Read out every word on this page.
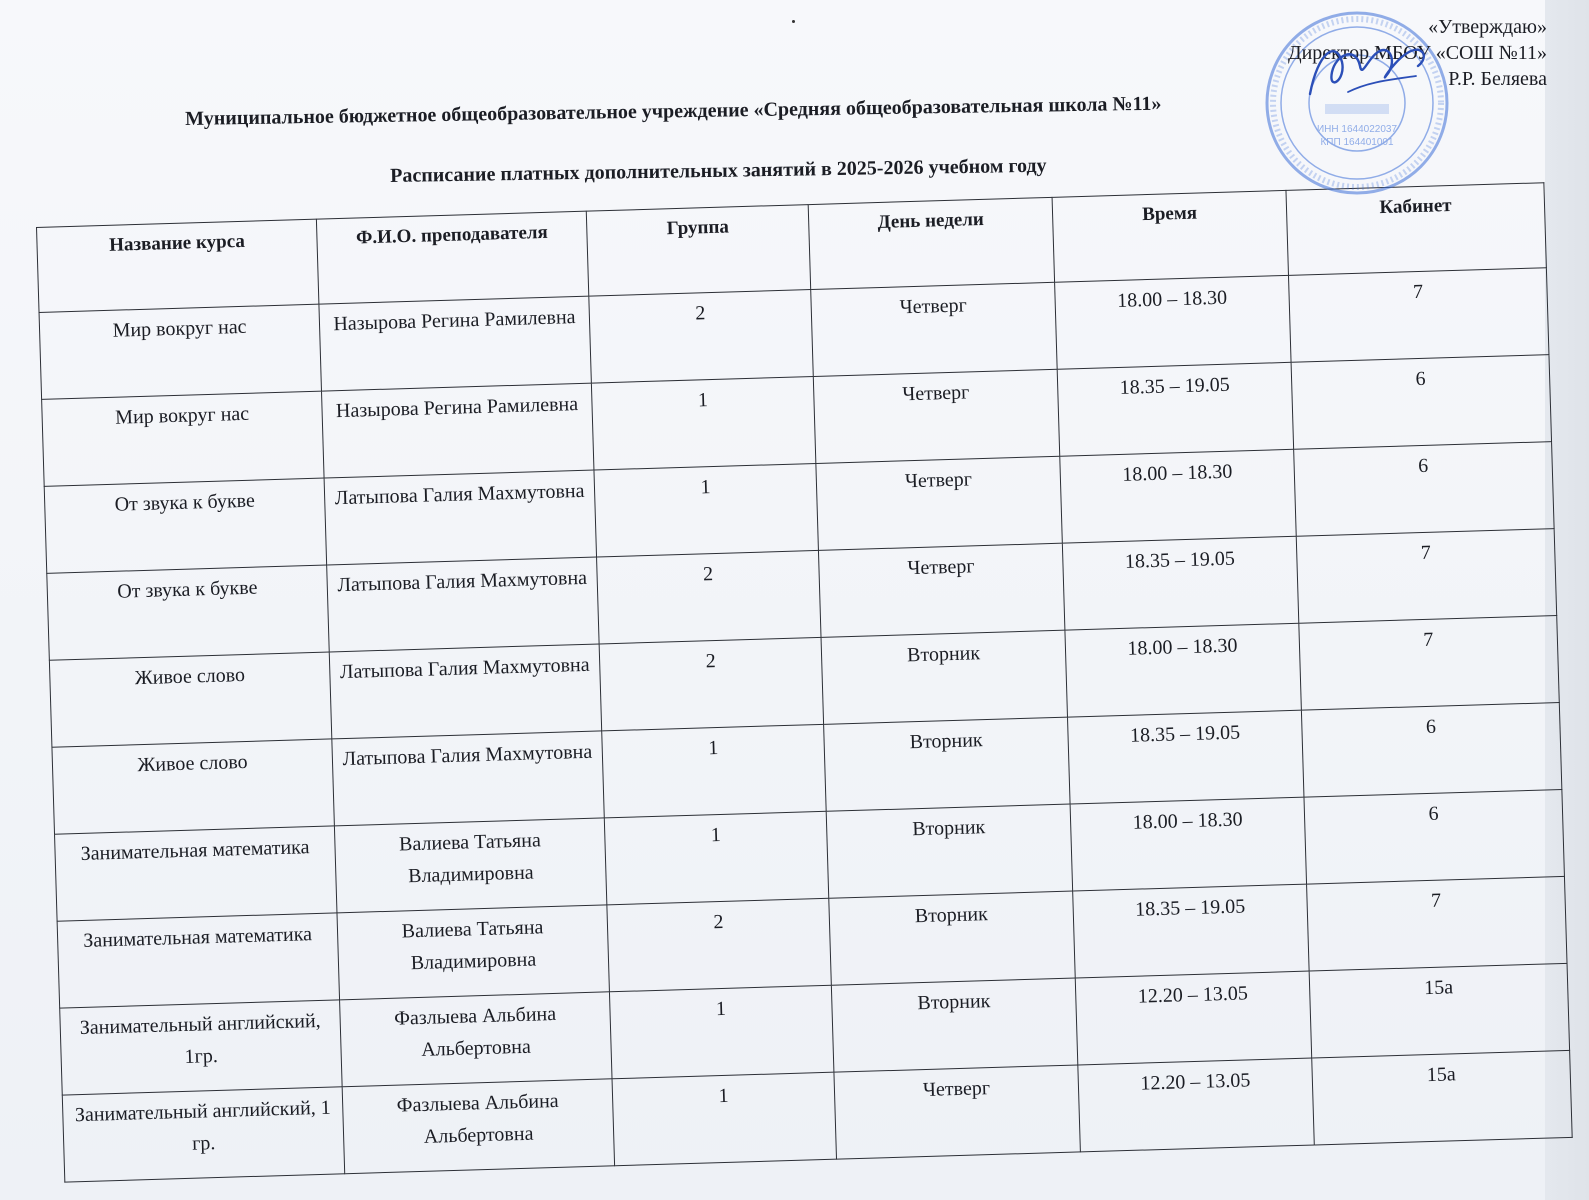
«Утверждаю»
Директор МБОУ «СОШ №11»
Р.Р. Беляева
ИНН 1644022037
КПП 164401001
Муниципальное бюджетное общеобразовательное учреждение «Средняя общеобразовательная школа №11»
Расписание платных дополнительных занятий в 2025-2026 учебном году
Название курса	Ф.И.О. преподавателя	Группа	День недели	Время	Кабинет
Мир вокруг нас	Назырова Регина Рамилевна	2	Четверг	18.00 – 18.30	7
Мир вокруг нас	Назырова Регина Рамилевна	1	Четверг	18.35 – 19.05	6
От звука к букве	Латыпова Галия Махмутовна	1	Четверг	18.00 – 18.30	6
От звука к букве	Латыпова Галия Махмутовна	2	Четверг	18.35 – 19.05	7
Живое слово	Латыпова Галия Махмутовна	2	Вторник	18.00 – 18.30	7
Живое слово	Латыпова Галия Махмутовна	1	Вторник	18.35 – 19.05	6
Занимательная математика	Валиева Татьяна Владимировна	1	Вторник	18.00 – 18.30	6
Занимательная математика	Валиева Татьяна Владимировна	2	Вторник	18.35 – 19.05	7
Занимательный английский, 1гр.	Фазлыева Альбина Альбертовна	1	Вторник	12.20 – 13.05	15а
Занимательный английский, 1 гр.	Фазлыева Альбина Альбертовна	1	Четверг	12.20 – 13.05	15а
